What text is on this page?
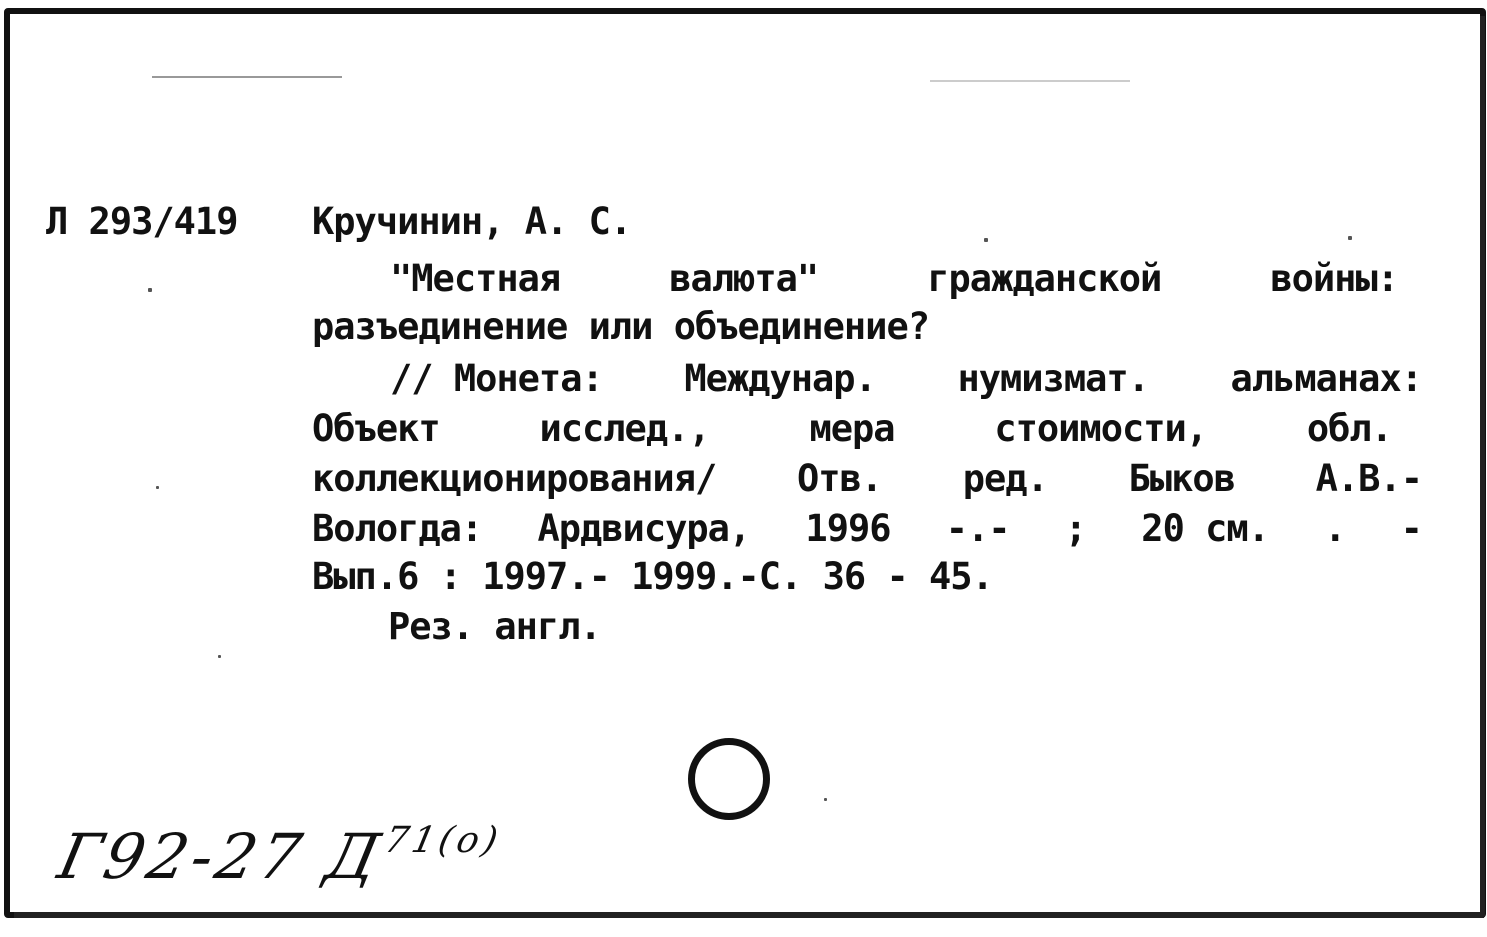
Л 293/419 Кручинин, А. С.
"Местная	валюта"	гражданской	войны:
разъединение или объединение?
// Монета: Междунар. нумизмат. альманах:
Объект	исслед.,	мера	стоимости,	обл.
коллекционирования/ Отв. ред. Быков А.В.-
Вологда: Ардвисура, 1996 -.- ; 20 см. . -
Вып.6 : 1997.- 1999.-С. 36 - 45.
Рез. англ.
Г92-27 $Д^{71(о)}$
